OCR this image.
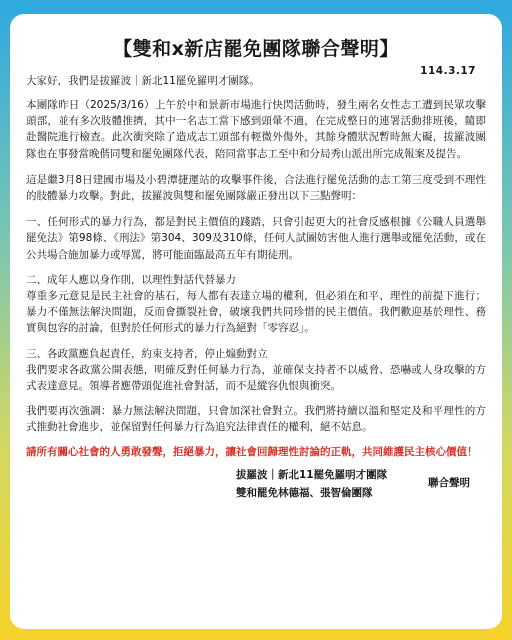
【雙和x新店罷免團隊聯合聲明】
大家好，我們是拔羅波｜新北11罷免羅明才團隊。
114.3.17

本團隊昨日（2025/3/16）上午於中和景新市場進行快閃活動時，發生兩名女性志工遭到民眾攻擊頭部，並有多次肢體推擠，其中一名志工當下感到頭暈不適，在完成整日的連署活動排班後，隨即赴醫院進行檢查。此次衝突除了造成志工頭部有輕微外傷外，其餘身體狀況暫時無大礙，拔羅波團隊也在事發當晚偕同雙和罷免團隊代表，陪同當事志工至中和分局秀山派出所完成報案及提告。

這是繼3月8日建國市場及小碧潭捷運站的攻擊事件後，合法進行罷免活動的志工第三度受到不理性的肢體暴力攻擊。對此，拔羅波與雙和罷免團隊嚴正發出以下三點聲明：

一、任何形式的暴力行為，都是對民主價值的踐踏，只會引起更大的社會反感根據《公職人員選舉罷免法》第98條、《刑法》第304、309及310條，任何人試圖妨害他人進行選舉或罷免活動，或在公共場合施加暴力或辱罵，將可能面臨最高五年有期徒刑。
二、成年人應以身作則，以理性對話代替暴力
尊重多元意見是民主社會的基石，每人都有表達立場的權利，但必須在和平、理性的前提下進行；暴力不僅無法解決問題，反而會撕裂社會，破壞我們共同珍惜的民主價值。我們歡迎基於理性、務實與包容的討論，但對於任何形式的暴力行為絕對「零容忍」。
三、各政黨應負起責任，約束支持者，停止煽動對立
我們要求各政黨公開表態，明確反對任何暴力行為，並確保支持者不以威脅、恐嚇或人身攻擊的方式表達意見。領導者應帶頭促進社會對話，而不是縱容仇恨與衝突。

我們要再次強調：暴力無法解決問題，只會加深社會對立。我們將持續以溫和堅定及和平理性的方式推動社會進步，並保留對任何暴力行為追究法律責任的權利，絕不姑息。

請所有關心社會的人勇敢發聲，拒絕暴力，讓社會回歸理性討論的正軌，共同維護民主核心價值！

拔羅波｜新北11罷免羅明才團隊
雙和罷免林德福、張智倫團隊
聯合聲明
